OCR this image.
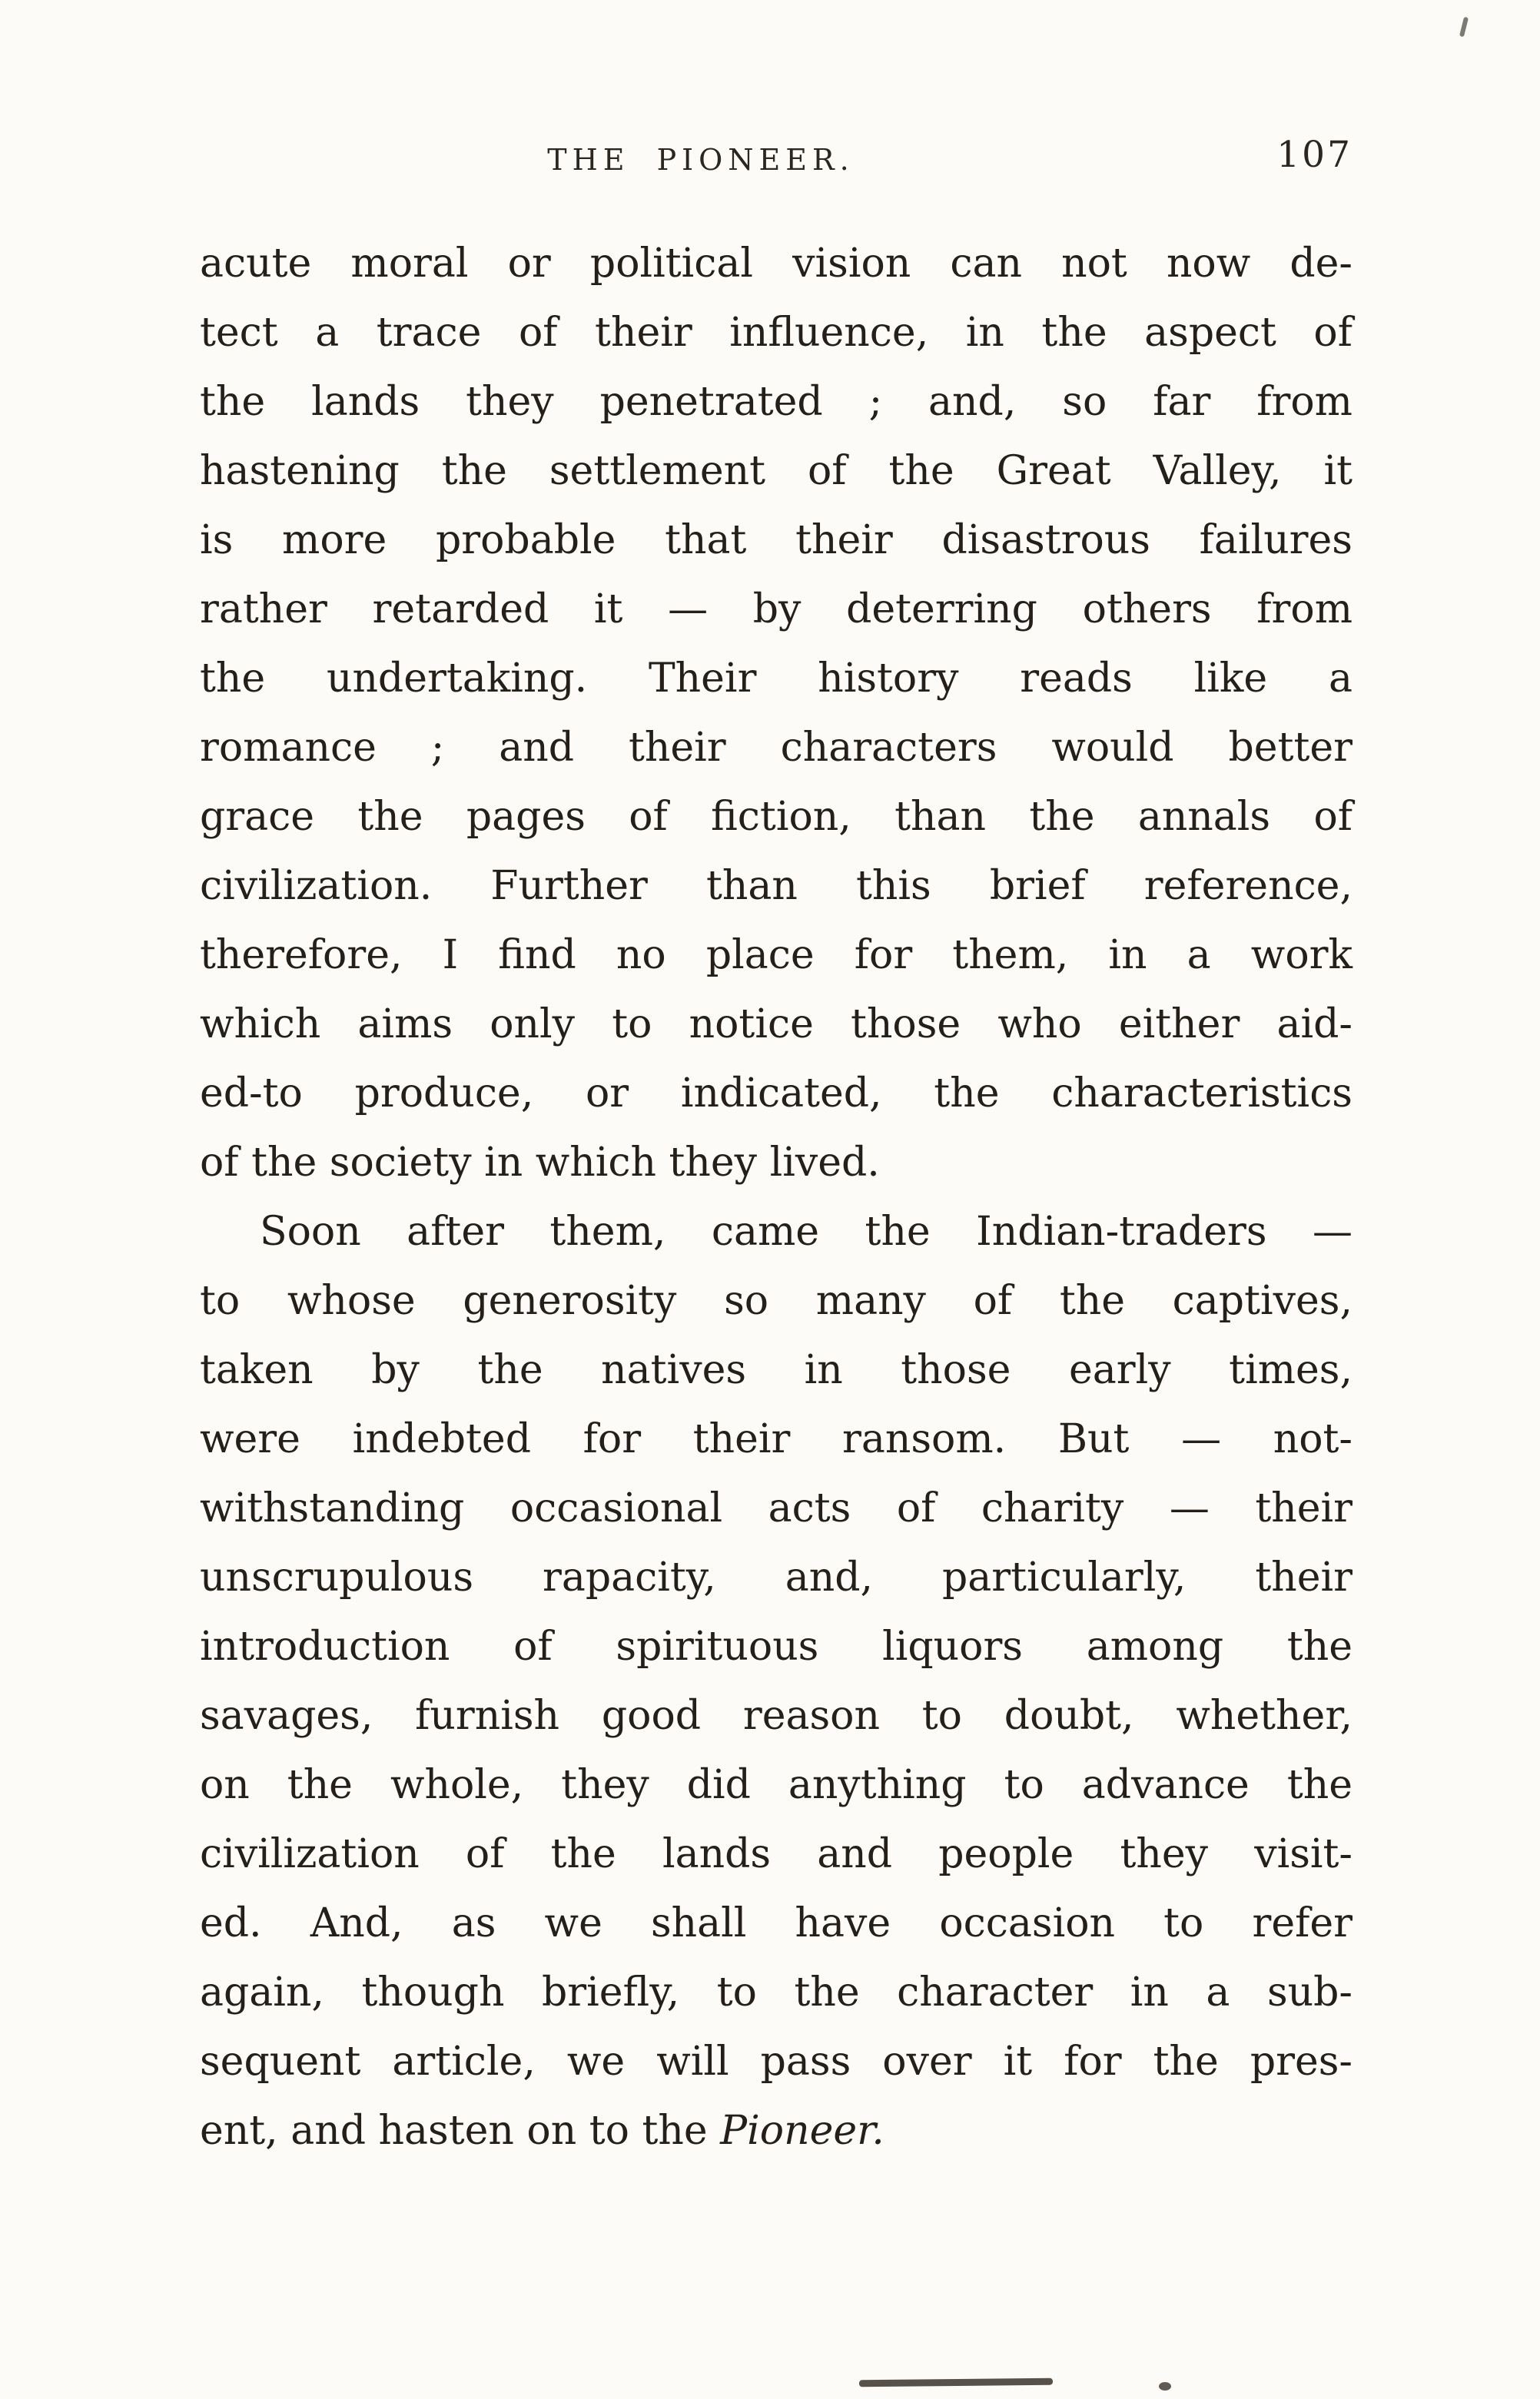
THE PIONEER.	107

acute moral or political vision can not now de-
tect a trace of their influence, in the aspect of
the lands they penetrated ; and, so far from
hastening the settlement of the Great Valley, it
is more probable that their disastrous failures
rather retarded it — by deterring others from
the undertaking. Their history reads like a
romance ; and their characters would better
grace the pages of fiction, than the annals of
civilization. Further than this brief reference,
therefore, I find no place for them, in a work
which aims only to notice those who either aid-
ed-to produce, or indicated, the characteristics
of the society in which they lived.

Soon after them, came the Indian-traders —
to whose generosity so many of the captives,
taken by the natives in those early times,
were indebted for their ransom. But — not-
withstanding occasional acts of charity — their
unscrupulous rapacity, and, particularly, their
introduction of spirituous liquors among the
savages, furnish good reason to doubt, whether,
on the whole, they did anything to advance the
civilization of the lands and people they visit-
ed. And, as we shall have occasion to refer
again, though briefly, to the character in a sub-
sequent article, we will pass over it for the pres-
ent, and hasten on to the Pioneer.
